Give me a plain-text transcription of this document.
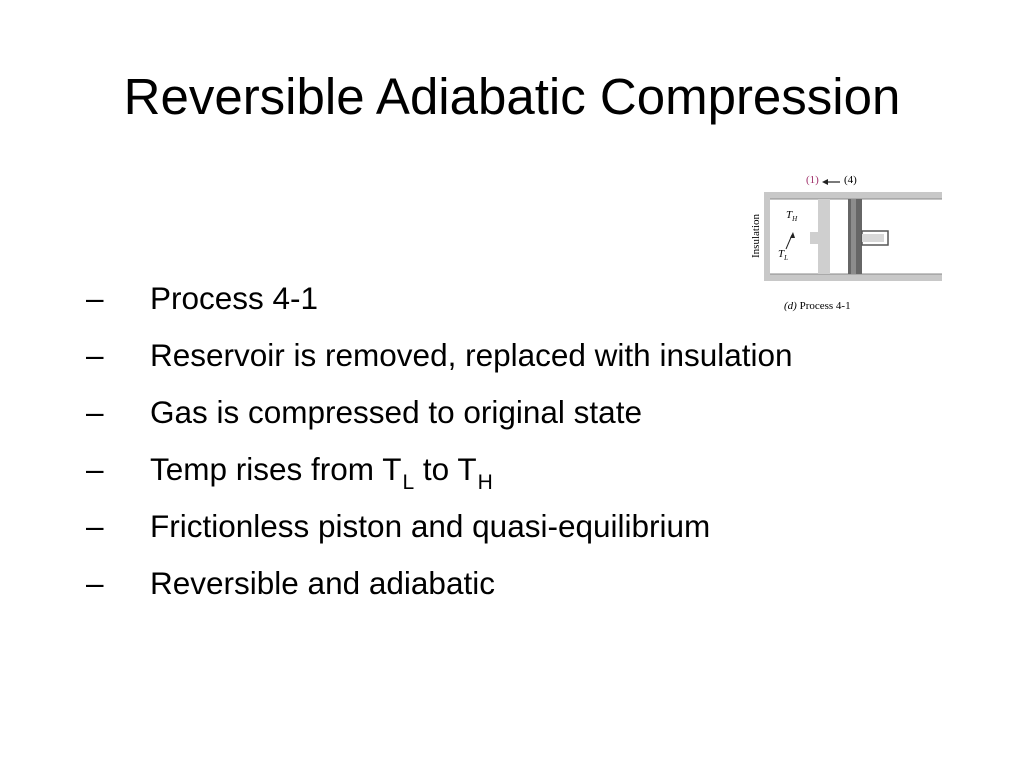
Reversible Adiabatic Compression
(1) (4)
Insulation $T_H$
$T_L$
(d) Process 4-1
–	Process 4-1
–	Reservoir is removed, replaced with insulation
–	Gas is compressed to original state
–	Temp rises from $T_L$ to $T_H$
–	Frictionless piston and quasi-equilibrium
–	Reversible and adiabatic
